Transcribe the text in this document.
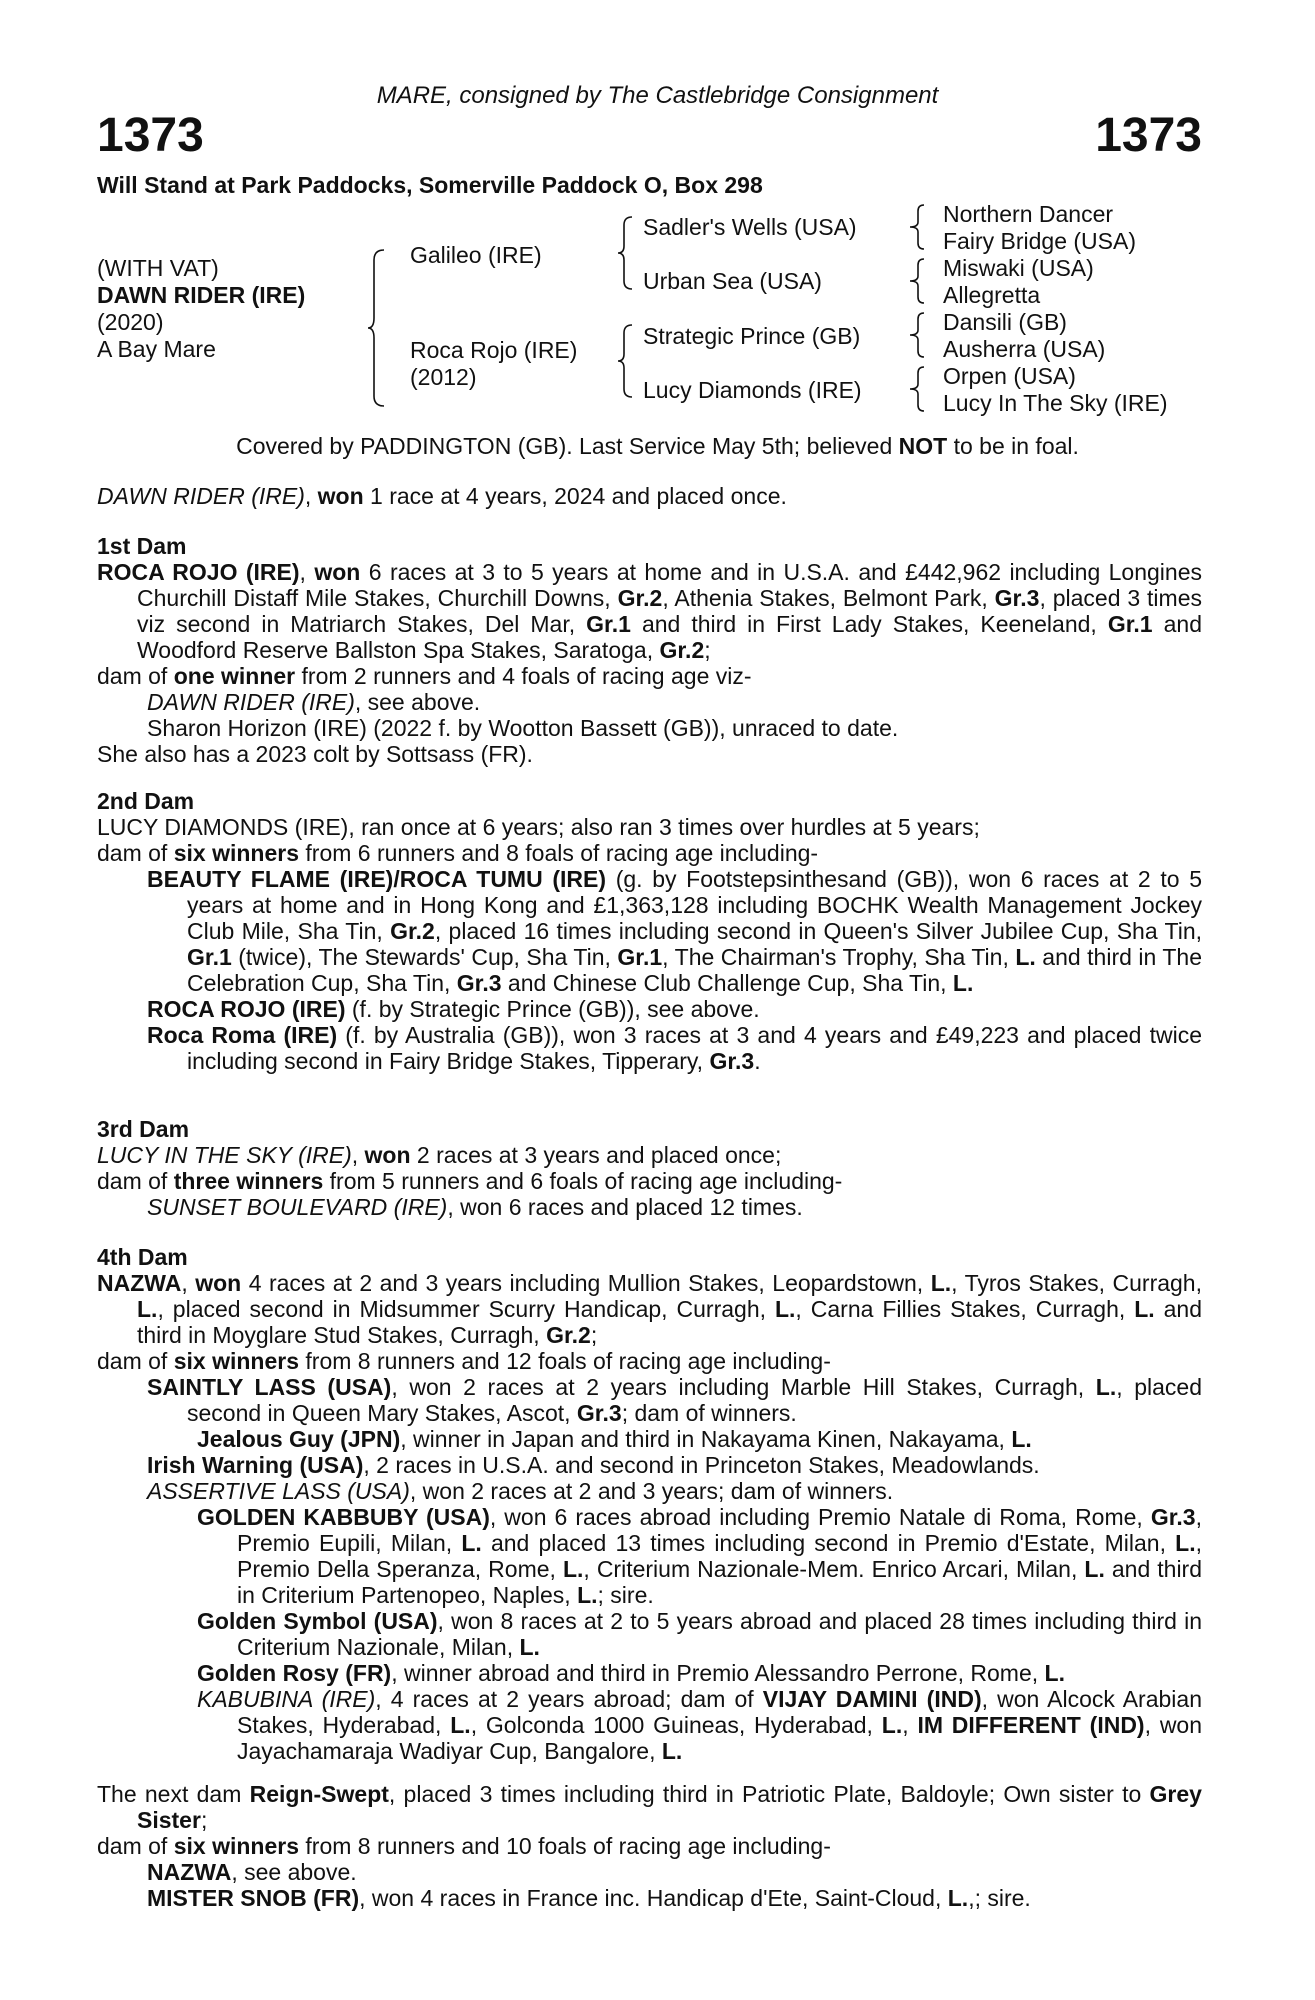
MARE, consigned by The Castlebridge Consignment
1373	1373
Will Stand at Park Paddocks, Somerville Paddock O, Box 298
(WITH VAT)
DAWN RIDER (IRE)
(2020)
A Bay Mare
Galileo (IRE)
Roca Rojo (IRE)
(2012)
Sadler's Wells (USA)
Urban Sea (USA)
Strategic Prince (GB)
Lucy Diamonds (IRE)
Northern Dancer
Fairy Bridge (USA)
Miswaki (USA)
Allegretta
Dansili (GB)
Ausherra (USA)
Orpen (USA)
Lucy In The Sky (IRE)
Covered by PADDINGTON (GB). Last Service May 5th; believed NOT to be in foal.

DAWN RIDER (IRE), won 1 race at 4 years, 2024 and placed once.

1st Dam

ROCA ROJO (IRE), won 6 races at 3 to 5 years at home and in U.S.A. and £442,962 including Longines Churchill Distaff Mile Stakes, Churchill Downs, Gr.2, Athenia Stakes, Belmont Park, Gr.3, placed 3 times viz second in Matriarch Stakes, Del Mar, Gr.1 and third in First Lady Stakes, Keeneland, Gr.1 and Woodford Reserve Ballston Spa Stakes, Saratoga, Gr.2;

dam of one winner from 2 runners and 4 foals of racing age viz-

DAWN RIDER (IRE), see above.

Sharon Horizon (IRE) (2022 f. by Wootton Bassett (GB)), unraced to date.

She also has a 2023 colt by Sottsass (FR).

2nd Dam

LUCY DIAMONDS (IRE), ran once at 6 years; also ran 3 times over hurdles at 5 years;

dam of six winners from 6 runners and 8 foals of racing age including-

BEAUTY FLAME (IRE)/ROCA TUMU (IRE) (g. by Footstepsinthesand (GB)), won 6 races at 2 to 5 years at home and in Hong Kong and £1,363,128 including BOCHK Wealth Management Jockey Club Mile, Sha Tin, Gr.2, placed 16 times including second in Queen's Silver Jubilee Cup, Sha Tin, Gr.1 (twice), The Stewards' Cup, Sha Tin, Gr.1, The Chairman's Trophy, Sha Tin, L. and third in The Celebration Cup, Sha Tin, Gr.3 and Chinese Club Challenge Cup, Sha Tin, L.

ROCA ROJO (IRE) (f. by Strategic Prince (GB)), see above.

Roca Roma (IRE) (f. by Australia (GB)), won 3 races at 3 and 4 years and £49,223 and placed twice including second in Fairy Bridge Stakes, Tipperary, Gr.3.

3rd Dam

LUCY IN THE SKY (IRE), won 2 races at 3 years and placed once;

dam of three winners from 5 runners and 6 foals of racing age including-

SUNSET BOULEVARD (IRE), won 6 races and placed 12 times.

4th Dam

NAZWA, won 4 races at 2 and 3 years including Mullion Stakes, Leopardstown, L., Tyros Stakes, Curragh, L., placed second in Midsummer Scurry Handicap, Curragh, L., Carna Fillies Stakes, Curragh, L. and third in Moyglare Stud Stakes, Curragh, Gr.2;

dam of six winners from 8 runners and 12 foals of racing age including-

SAINTLY LASS (USA), won 2 races at 2 years including Marble Hill Stakes, Curragh, L., placed second in Queen Mary Stakes, Ascot, Gr.3; dam of winners.

Jealous Guy (JPN), winner in Japan and third in Nakayama Kinen, Nakayama, L.

Irish Warning (USA), 2 races in U.S.A. and second in Princeton Stakes, Meadowlands.

ASSERTIVE LASS (USA), won 2 races at 2 and 3 years; dam of winners.

GOLDEN KABBUBY (USA), won 6 races abroad including Premio Natale di Roma, Rome, Gr.3, Premio Eupili, Milan, L. and placed 13 times including second in Premio d'Estate, Milan, L., Premio Della Speranza, Rome, L., Criterium Nazionale-Mem. Enrico Arcari, Milan, L. and third in Criterium Partenopeo, Naples, L.; sire.

Golden Symbol (USA), won 8 races at 2 to 5 years abroad and placed 28 times including third in Criterium Nazionale, Milan, L.

Golden Rosy (FR), winner abroad and third in Premio Alessandro Perrone, Rome, L.

KABUBINA (IRE), 4 races at 2 years abroad; dam of VIJAY DAMINI (IND), won Alcock Arabian Stakes, Hyderabad, L., Golconda 1000 Guineas, Hyderabad, L., IM DIFFERENT (IND), won Jayachamaraja Wadiyar Cup, Bangalore, L.

The next dam Reign-Swept, placed 3 times including third in Patriotic Plate, Baldoyle; Own sister to Grey Sister;

dam of six winners from 8 runners and 10 foals of racing age including-

NAZWA, see above.

MISTER SNOB (FR), won 4 races in France inc. Handicap d'Ete, Saint-Cloud, L.,; sire.
